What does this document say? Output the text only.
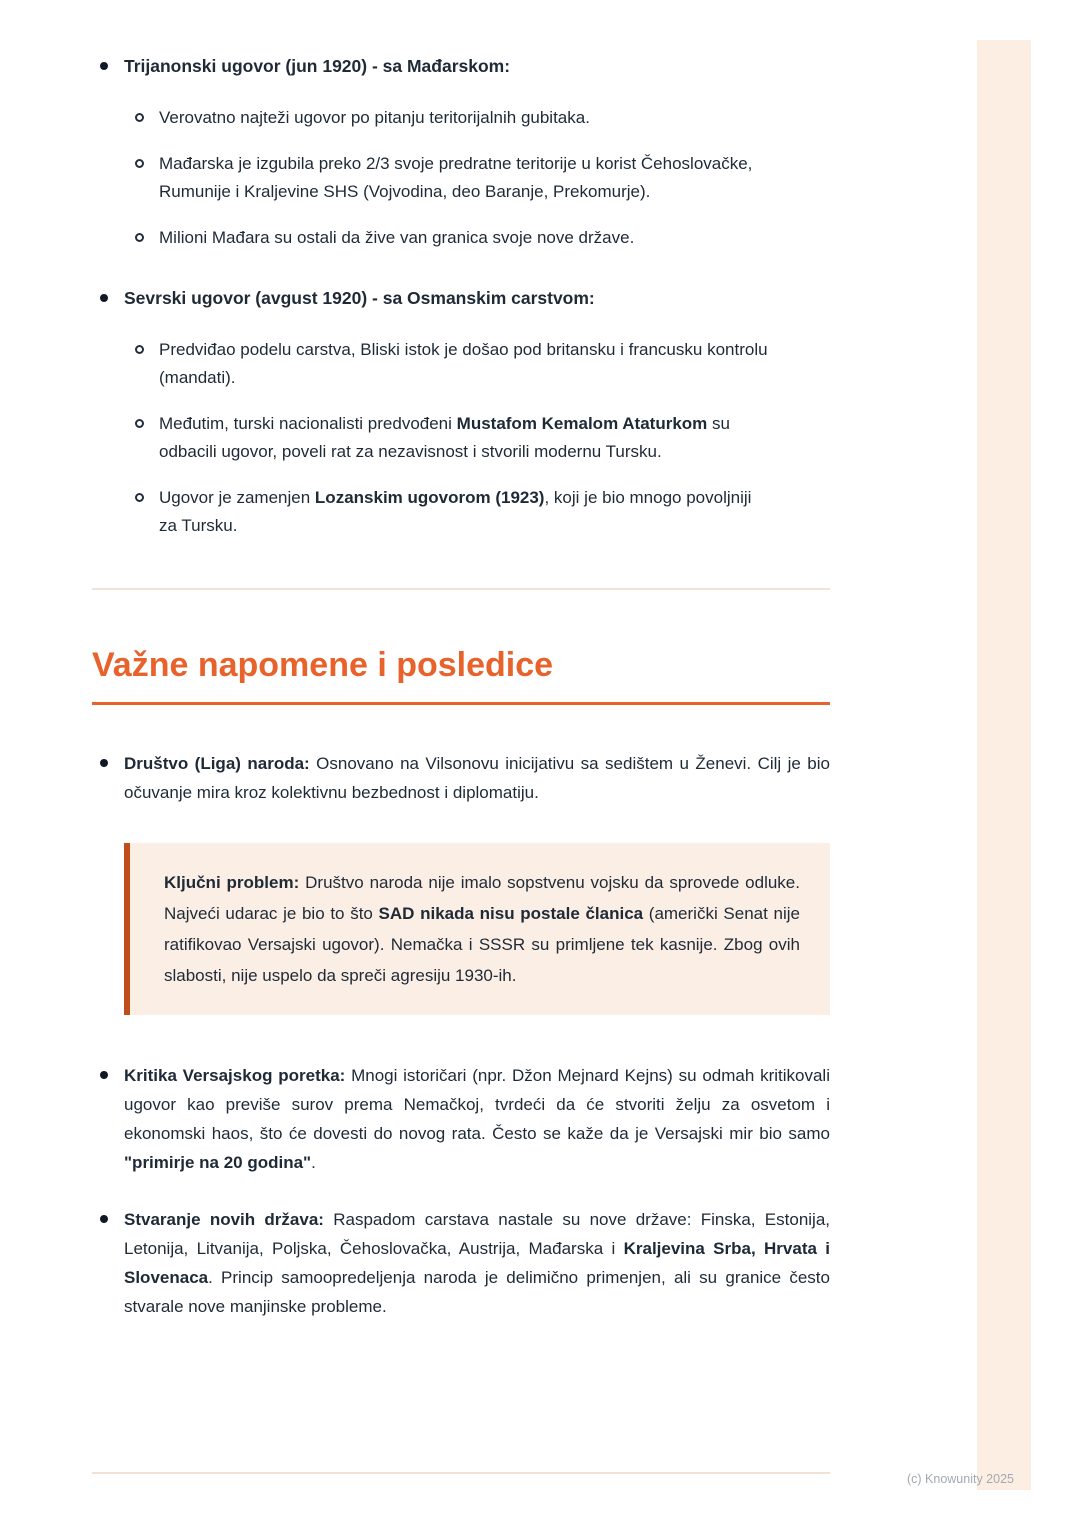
Trijanonski ugovor (jun 1920) - sa Mađarskom:
Verovatno najteži ugovor po pitanju teritorijalnih gubitaka.
Mađarska je izgubila preko 2/3 svoje predratne teritorije u korist Čehoslovačke, Rumunije i Kraljevine SHS (Vojvodina, deo Baranje, Prekomurje).
Milioni Mađara su ostali da žive van granica svoje nove države.
Sevrski ugovor (avgust 1920) - sa Osmanskim carstvom:
Predviđao podelu carstva, Bliski istok je došao pod britansku i francusku kontrolu (mandati).
Međutim, turski nacionalisti predvođeni Mustafom Kemalom Ataturkom su odbacili ugovor, poveli rat za nezavisnost i stvorili modernu Tursku.
Ugovor je zamenjen Lozanskim ugovorom (1923), koji je bio mnogo povoljniji za Tursku.
Važne napomene i posledice
Društvo (Liga) naroda: Osnovano na Vilsonovu inicijativu sa sedištem u Ženevi. Cilj je bio očuvanje mira kroz kolektivnu bezbednost i diplomatiju.
Ključni problem: Društvo naroda nije imalo sopstvenu vojsku da sprovede odluke. Najveći udarac je bio to što SAD nikada nisu postale članica (američki Senat nije ratifikovao Versajski ugovor). Nemačka i SSSR su primljene tek kasnije. Zbog ovih slabosti, nije uspelo da spreči agresiju 1930-ih.
Kritika Versajskog poretka: Mnogi istoričari (npr. Džon Mejnard Kejns) su odmah kritikovali ugovor kao previše surov prema Nemačkoj, tvrdeći da će stvoriti želju za osvetom i ekonomski haos, što će dovesti do novog rata. Često se kaže da je Versajski mir bio samo "primirje na 20 godina".
Stvaranje novih država: Raspadom carstava nastale su nove države: Finska, Estonija, Letonija, Litvanija, Poljska, Čehoslovačka, Austrija, Mađarska i Kraljevina Srba, Hrvata i Slovenaca. Princip samoopredeljenja naroda je delimično primenjen, ali su granice često stvarale nove manjinske probleme.
(c) Knowunity 2025
